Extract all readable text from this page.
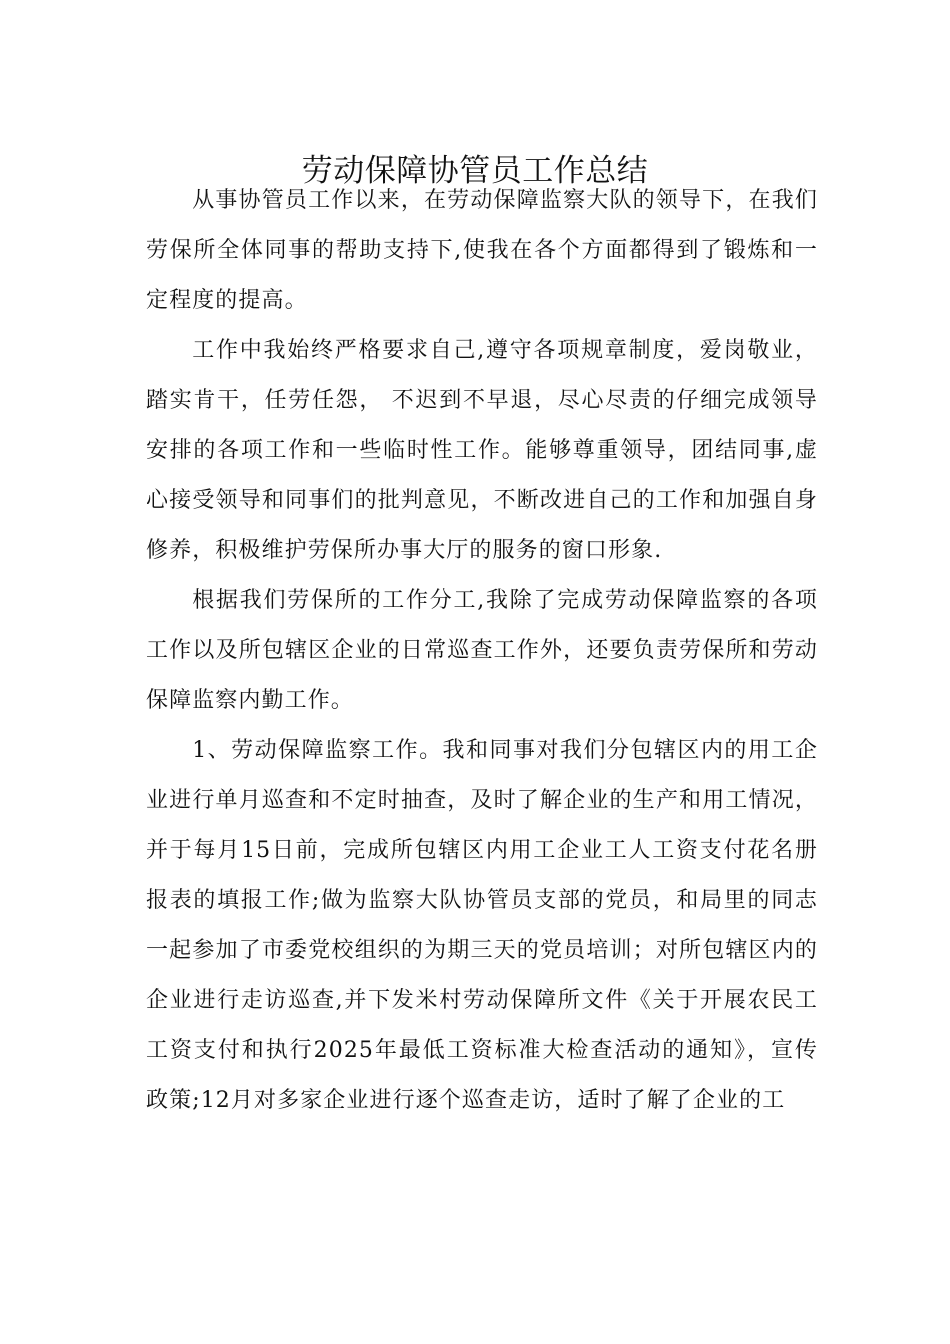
劳动保障协管员工作总结

从事协管员工作以来，在劳动保障监察大队的领导下，在我们劳保所全体同事的帮助支持下,使我在各个方面都得到了锻炼和一定程度的提高。

工作中我始终严格要求自己,遵守各项规章制度，爱岗敬业，踏实肯干，任劳任怨， 不迟到不早退，尽心尽责的仔细完成领导安排的各项工作和一些临时性工作。能够尊重领导，团结同事,虚心接受领导和同事们的批判意见，不断改进自己的工作和加强自身修养，积极维护劳保所办事大厅的服务的窗口形象.

根据我们劳保所的工作分工,我除了完成劳动保障监察的各项工作以及所包辖区企业的日常巡查工作外，还要负责劳保所和劳动保障监察内勤工作。

1、劳动保障监察工作。我和同事对我们分包辖区内的用工企业进行单月巡查和不定时抽查，及时了解企业的生产和用工情况，并于每月15日前，完成所包辖区内用工企业工人工资支付花名册报表的填报工作;做为监察大队协管员支部的党员，和局里的同志一起参加了市委党校组织的为期三天的党员培训；对所包辖区内的企业进行走访巡查,并下发米村劳动保障所文件《关于开展农民工工资支付和执行2025年最低工资标准大检查活动的通知》，宣传政策;12月对多家企业进行逐个巡查走访，适时了解了企业的工
